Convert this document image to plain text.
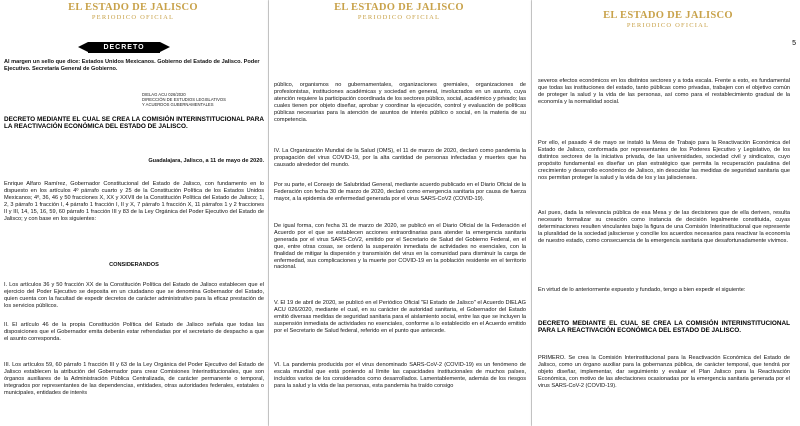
EL ESTADO DE JALISCO
PERIODICO OFICIAL
DECRETO

Al margen un sello que dice: Estados Unidos Mexicanos. Gobierno del Estado de Jalisco. Poder Ejecutivo. Secretaría General de Gobierno.

DIELAG ACU 026/2020
DIRECCIÓN DE ESTUDIOS LEGISLATIVOS
Y ACUERDOS GUBERNAMENTALES

DECRETO MEDIANTE EL CUAL SE CREA LA COMISIÓN INTERINSTITUCIONAL PARA LA REACTIVACIÓN ECONÓMICA DEL ESTADO DE JALISCO.

Guadalajara, Jalisco, a 11 de mayo de 2020.

Enrique Alfaro Ramírez, Gobernador Constitucional del Estado de Jalisco, con fundamento en lo dispuesto en los artículos 4º párrafo cuarto y 25 de la Constitución Política de los Estados Unidos Mexicanos; 4º, 36, 46 y 50 fracciones X, XX y XXVII de la Constitución Política del Estado de Jalisco; 1, 2, 3 párrafo 1 fracción I, 4 párrafo 1 fracción I, II y X, 7 párrafo 1 fracción X, 11 párrafos 1 y 2 fracciones II y III, 14, 15, 16, 59, 60 párrafo 1 fracción III y 83 de la Ley Orgánica del Poder Ejecutivo del Estado de Jalisco; y con base en los siguientes:

CONSIDERANDOS

I. Los artículos 36 y 50 fracción XX de la Constitución Política del Estado de Jalisco establecen que el ejercicio del Poder Ejecutivo se deposita en un ciudadano que se denomina Gobernador del Estado, quien cuenta con la facultad de expedir decretos de carácter administrativo para la eficaz prestación de los servicios públicos.

II. El artículo 46 de la propia Constitución Política del Estado de Jalisco señala que todas las disposiciones que el Gobernador emita deberán estar refrendadas por el secretario de despacho a que el asunto corresponda.

III. Los artículos 59, 60 párrafo 1 fracción III y 63 de la Ley Orgánica del Poder Ejecutivo del Estado de Jalisco establecen la atribución del Gobernador para crear Comisiones Interinstitucionales, que son órganos auxiliares de la Administración Pública Centralizada, de carácter permanente o temporal, integrados por representantes de las dependencias, entidades, otras autoridades federales, estatales o municipales, entidades de interés

EL ESTADO DE JALISCO
PERIODICO OFICIAL

público, organismos no gubernamentales, organizaciones gremiales, organizaciones de profesionistas, instituciones académicas y sociedad en general, involucrados en un asunto, cuya atención requiere la participación coordinada de los sectores público, social, académico y privado; las cuales tienen por objeto diseñar, aprobar y coordinar la ejecución, control y evaluación de políticas públicas necesarias para la atención de asuntos de interés público o social, en la materia de su competencia.

IV. La Organización Mundial de la Salud (OMS), el 11 de marzo de 2020, declaró como pandemia la propagación del virus COVID-19, por la alta cantidad de personas infectadas y muertes que ha causado alrededor del mundo.

Por su parte, el Consejo de Salubridad General, mediante acuerdo publicado en el Diario Oficial de la Federación con fecha 30 de marzo de 2020, declaró como emergencia sanitaria por causa de fuerza mayor, a la epidemia de enfermedad generada por el virus SARS-CoV2 (COVID-19).

De igual forma, con fecha 31 de marzo de 2020, se publicó en el Diario Oficial de la Federación el Acuerdo por el que se establecen acciones extraordinarias para atender la emergencia sanitaria generada por el virus SARS-CoV2, emitido por el Secretario de Salud del Gobierno Federal, en el que, entre otras cosas, se ordenó la suspensión inmediata de actividades no esenciales, con la finalidad de mitigar la dispersión y transmisión del virus en la comunidad para disminuir la carga de enfermedad, sus complicaciones y la muerte por COVID-19 en la población residente en el territorio nacional.

V. El 19 de abril de 2020, se publicó en el Periódico Oficial "El Estado de Jalisco" el Acuerdo DIELAG ACU 026/2020, mediante el cual, en su carácter de autoridad sanitaria, el Gobernador del Estado emitió diversas medidas de seguridad sanitaria para el aislamiento social, entre las que se incluyen la suspensión inmediata de actividades no esenciales, conforme a lo establecido en el Acuerdo emitido por el Secretario de Salud federal, referido en el punto que antecede.

VI. La pandemia producida por el virus denominado SARS-CoV-2 (COVID-19) es un fenómeno de escala mundial que está poniendo al límite las capacidades institucionales de muchos países, incluidos varios de los considerados como desarrollados. Lamentablemente, además de los riesgos para la salud y la vida de las personas, esta pandemia ha traído consigo

EL ESTADO DE JALISCO
PERIODICO OFICIAL
5

severos efectos económicos en los distintos sectores y a toda escala. Frente a esto, es fundamental que todas las instituciones del estado, tanto públicas como privadas, trabajen con el objetivo común de proteger la salud y la vida de las personas, así como para el restablecimiento gradual de la economía y la normalidad social.

Por ello, el pasado 4 de mayo se instaló la Mesa de Trabajo para la Reactivación Económica del Estado de Jalisco, conformada por representantes de los Poderes Ejecutivo y Legislativo, de los distintos sectores de la iniciativa privada, de las universidades, sociedad civil y sindicatos, cuyo propósito fundamental es diseñar un plan estratégico que permita la recuperación paulatina del crecimiento y desarrollo económico de Jalisco, sin descuidar las medidas de seguridad sanitaria que nos permitan proteger la salud y la vida de los y las jaliscienses.

Así pues, dada la relevancia pública de esa Mesa y de las decisiones que de ella deriven, resulta necesario formalizar su creación como instancia de decisión legalmente constituida, cuyas determinaciones resulten vinculantes bajo la figura de una Comisión Interinstitucional que represente la pluralidad de la sociedad jalisciense y concilie los acuerdos necesarios para reactivar la economía de nuestro estado, como consecuencia de la emergencia sanitaria que desafortunadamente vivimos.

En virtud de lo anteriormente expuesto y fundado, tengo a bien expedir el siguiente:

DECRETO MEDIANTE EL CUAL SE CREA LA COMISIÓN INTERINSTITUCIONAL PARA LA REACTIVACIÓN ECONÓMICA DEL ESTADO DE JALISCO.

PRIMERO. Se crea la Comisión Interinstitucional para la Reactivación Económica del Estado de Jalisco, como un órgano auxiliar para la gobernanza pública, de carácter temporal, que tendrá por objeto diseñar, implementar, dar seguimiento y evaluar el Plan Jalisco para la Reactivación Económica, con motivo de las afectaciones ocasionadas por la emergencia sanitaria generada por el virus SARS-CoV-2 (COVID-19).
